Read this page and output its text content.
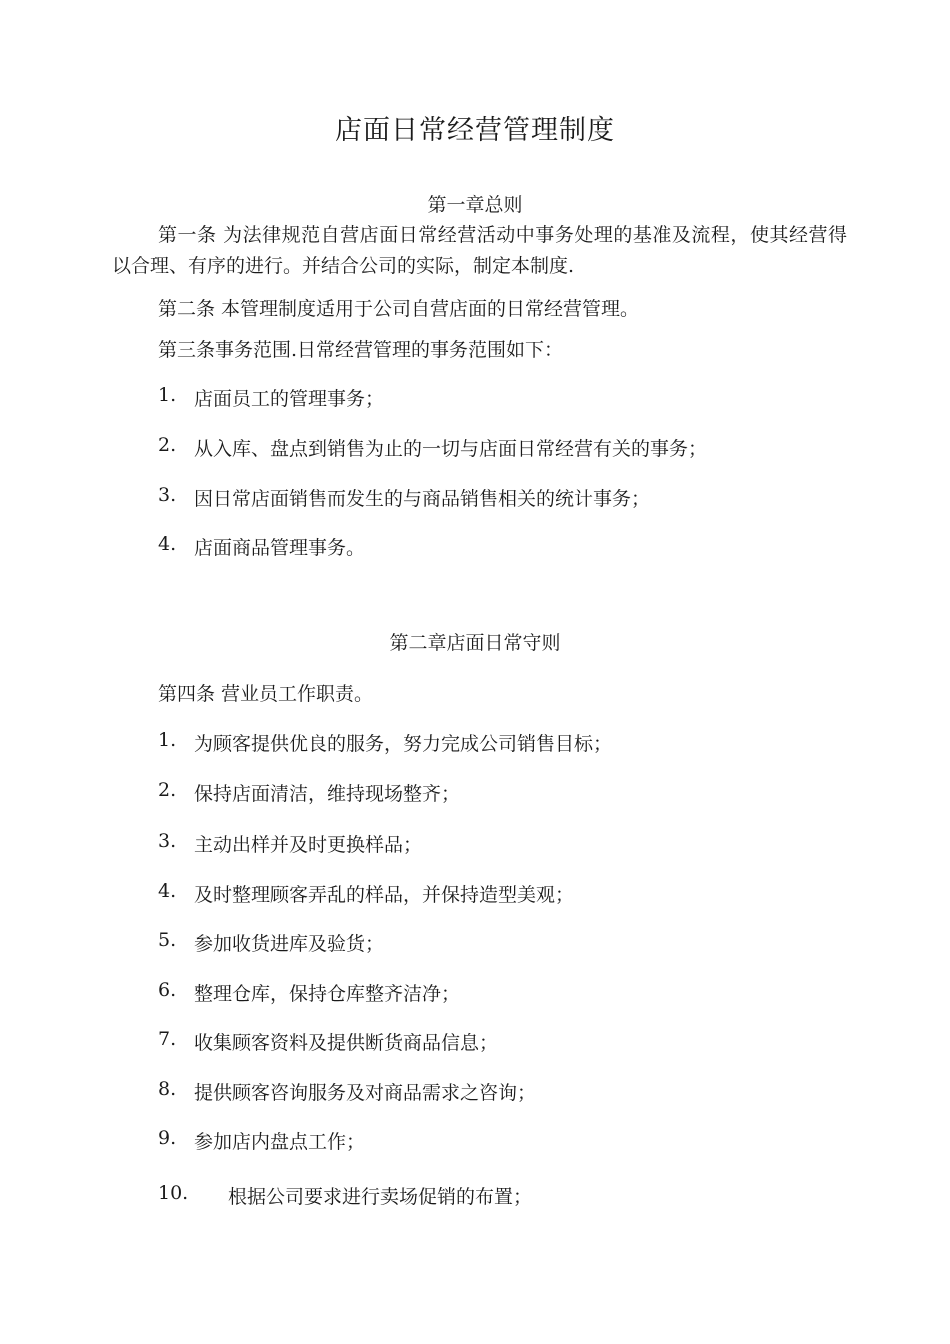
店面日常经营管理制度
第一章总则
第一条 为法律规范自营店面日常经营活动中事务处理的基准及流程，使其经营得以合理、有序的进行。并结合公司的实际，制定本制度.
第二条 本管理制度适用于公司自营店面的日常经营管理。
第三条事务范围.日常经营管理的事务范围如下：
1. 店面员工的管理事务；
2. 从入库、盘点到销售为止的一切与店面日常经营有关的事务；
3. 因日常店面销售而发生的与商品销售相关的统计事务；
4. 店面商品管理事务。
第二章店面日常守则
第四条 营业员工作职责。
1. 为顾客提供优良的服务，努力完成公司销售目标；
2. 保持店面清洁，维持现场整齐；
3. 主动出样并及时更换样品；
4. 及时整理顾客弄乱的样品，并保持造型美观；
5. 参加收货进库及验货；
6. 整理仓库，保持仓库整齐洁净；
7. 收集顾客资料及提供断货商品信息；
8. 提供顾客咨询服务及对商品需求之咨询；
9. 参加店内盘点工作；
10. 根据公司要求进行卖场促销的布置；
